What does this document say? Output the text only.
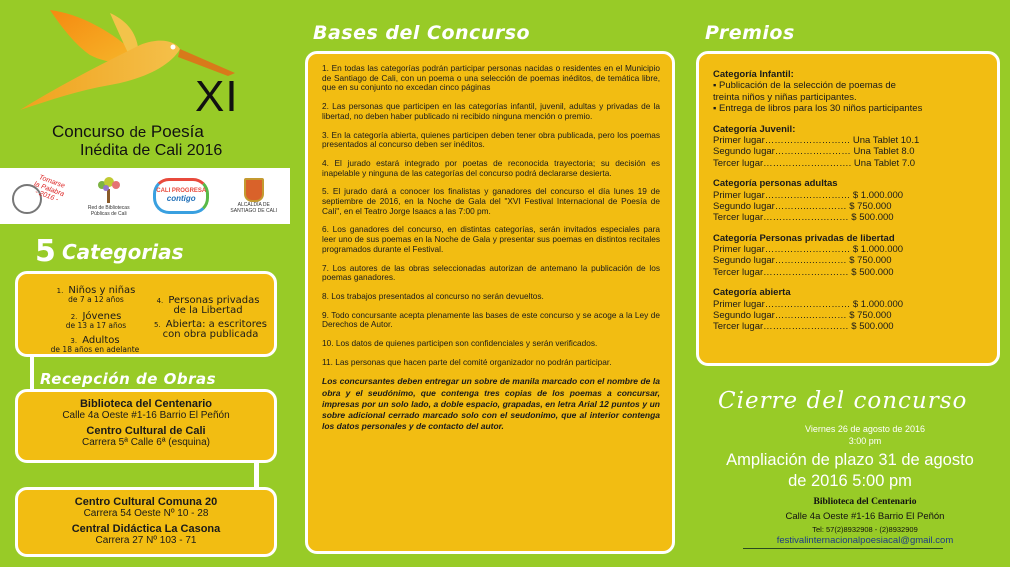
XI
Concurso de Poesía
Inédita de Cali 2016
Tomarse la Palabra - 2016 -
Red de Bibliotecas Públicas de Cali
CALI PROGRESA
contigo
ALCALDÍA DE SANTIAGO DE CALI
5 Categorias
1. Niños y niñas
de 7 a 12 años
2. Jóvenes
de 13 a 17 años
3. Adultos
de 18 años en adelante
4. Personas privadas
de la Libertad
5. Abierta: a escritores
con obra publicada
Recepción de Obras
Biblioteca del Centenario
Calle 4a Oeste #1-16 Barrio El Peñón
Centro Cultural de Cali
Carrera 5ª Calle 6ª (esquina)
Centro Cultural Comuna 20
Carrera 54 Oeste Nº 10 - 28
Central Didáctica La Casona
Carrera 27 Nº 103 - 71
Bases del Concurso

1. En todas las categorías podrán participar personas nacidas o residentes en el Municipio de Santiago de Cali, con un poema o una selección de poemas inéditos, de temática libre, que en su conjunto no excedan cinco páginas

2. Las personas que participen en las categorías infantil, juvenil, adultas y privadas de la libertad, no deben haber publicado ni recibido ninguna mención o premio.

3. En la categoría abierta, quienes participen deben tener obra publicada, pero los poemas presentados al concurso deben ser inéditos.

4. El jurado estará integrado por poetas de reconocida trayectoria; su decisión es inapelable y ninguna de las categorías del concurso podrá declararse desierta.

5. El jurado dará a conocer los finalistas y ganadores del concurso el día lunes 19 de septiembre de 2016, en la Noche de Gala del "XVI Festival Internacional de Poesía de Cali", en el Teatro Jorge Isaacs a las 7:00 pm.

6. Los ganadores del concurso, en distintas categorías, serán invitados especiales para leer uno de sus poemas en la Noche de Gala y presentar sus poemas en distintos recitales programados durante el Festival.

7. Los autores de las obras seleccionadas autorizan de antemano la publicación de los poemas ganadores.

8. Los trabajos presentados al concurso no serán devueltos.

9. Todo concursante acepta plenamente las bases de este concurso y se acoge a la Ley de Derechos de Autor.

10. Los datos de quienes participen son confidenciales y serán verificados.

11. Las personas que hacen parte del comité organizador no podrán participar.

Los concursantes deben entregar un sobre de manila marcado con el nombre de la obra y el seudónimo, que contenga tres copias de los poemas a concursar, impresas por un solo lado, a doble espacio, grapadas, en letra Arial 12 puntos y un sobre adicional cerrado marcado solo con el seudonimo, que al interior contenga los datos personales y de contacto del autor.

Premios
Categoría Infantil:
▪ Publicación de la selección de poemas de
treinta niños y niñas participantes.
▪ Entrega de libros para los 30 niños participantes
Categoría Juvenil:
Primer lugar……………………… Una Tablet 10.1
Segundo lugar…………………… Una Tablet 8.0
Tercer lugar………………………. Una Tablet 7.0
Categoría personas adultas
Primer lugar……………………… $ 1.000.000
Segundo lugar………..………… $ 750.000
Tercer lugar……………………… $ 500.000
Categoría Personas privadas de libertad
Primer lugar……………………… $ 1.000.000
Segundo lugar………..………… $ 750.000
Tercer lugar……………………… $ 500.000
Categoría abierta
Primer lugar……………………… $ 1.000.000
Segundo lugar………..………… $ 750.000
Tercer lugar……………………… $ 500.000
Cierre del concurso
Viernes 26 de agosto de 2016
3:00 pm
Ampliación de plazo 31 de agosto de 2016 5:00 pm
Biblioteca del Centenario
Calle 4a Oeste #1-16 Barrio El Peñón
Tel: 57(2)8932908 - (2)8932909
festivalinternacionalpoesiacal@gmail.com
